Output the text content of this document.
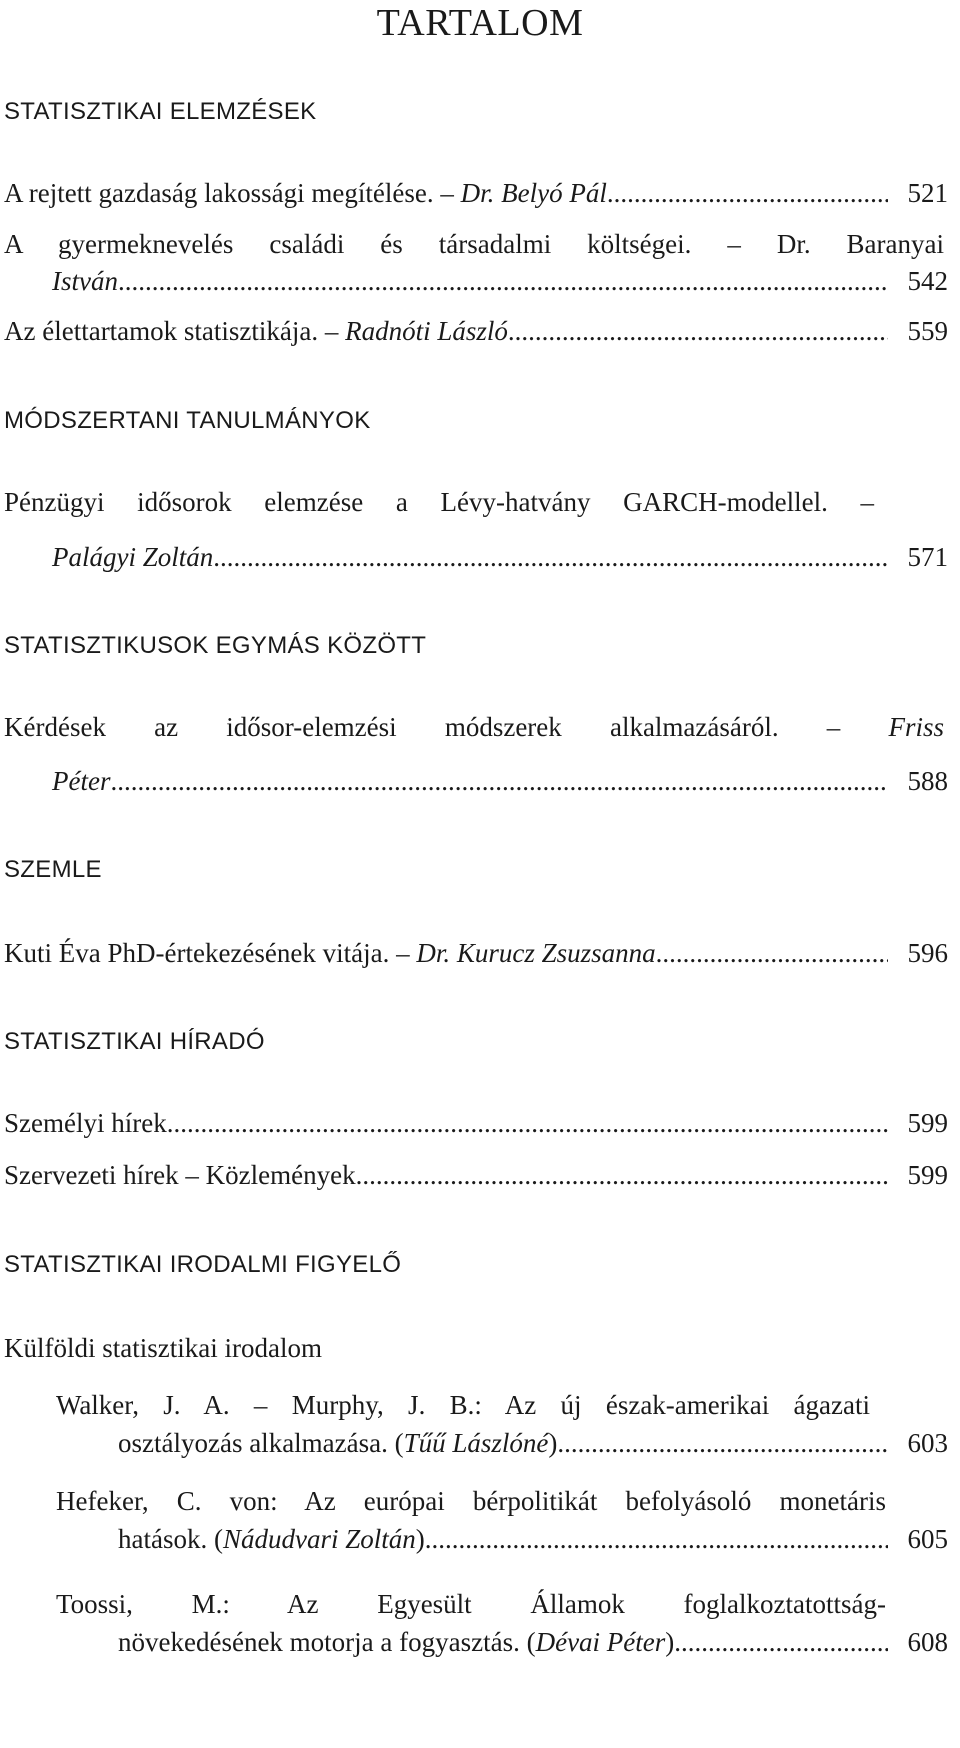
TARTALOM
STATISZTIKAI ELEMZÉSEK
A rejtett gazdaság lakossági megítélése. – Dr. Belyó Pál .....	521
A gyermeknevelés családi és társadalmi költségei. – Dr. Baranyai
István .....	542
Az élettartamok statisztikája. – Radnóti László .....	559
MÓDSZERTANI TANULMÁNYOK
Pénzügyi idősorok elemzése a Lévy-hatvány GARCH-modellel. –
Palágyi Zoltán .....	571
STATISZTIKUSOK EGYMÁS KÖZÖTT
Kérdések az idősor-elemzési módszerek alkalmazásáról. – Friss
Péter .....	588
SZEMLE
Kuti Éva PhD-értekezésének vitája. – Dr. Kurucz Zsuzsanna .....	596
STATISZTIKAI HÍRADÓ
Személyi hírek .....	599
Szervezeti hírek – Közlemények .....	599
STATISZTIKAI IRODALMI FIGYELŐ
Külföldi statisztikai irodalom
Walker, J. A. – Murphy, J. B.: Az új észak-amerikai ágazati
osztályozás alkalmazása. (Tűű Lászlóné) .....	603
Hefeker, C. von: Az európai bérpolitikát befolyásoló monetáris
hatások. (Nádudvari Zoltán) .....	605
Toossi, M.: Az Egyesült Államok foglalkoztatottság-
növekedésének motorja a fogyasztás. (Dévai Péter) .....	608
